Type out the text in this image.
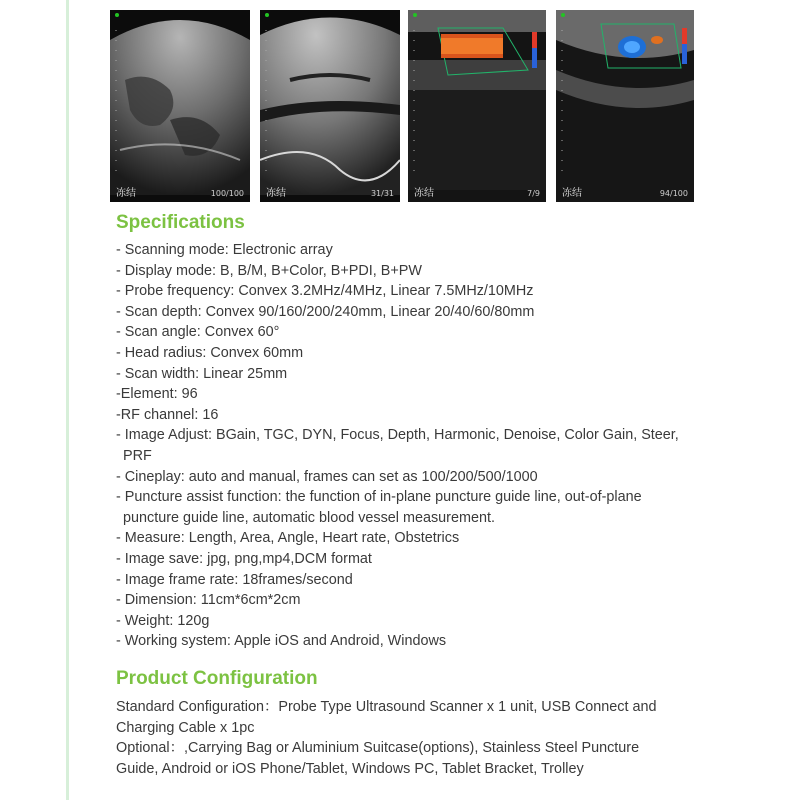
冻结	100/100 冻结	31/31 冻结	7/9 冻结	94/100
Specifications
- Scanning mode: Electronic array
- Display mode: B, B/M, B+Color, B+PDI, B+PW
- Probe frequency: Convex 3.2MHz/4MHz, Linear 7.5MHz/10MHz
- Scan depth: Convex 90/160/200/240mm, Linear 20/40/60/80mm
- Scan angle: Convex 60°
- Head radius: Convex 60mm
- Scan width: Linear 25mm
-Element: 96
-RF channel: 16
- Image Adjust: BGain, TGC, DYN, Focus, Depth, Harmonic, Denoise, Color Gain, Steer, PRF
- Cineplay: auto and manual, frames can set as 100/200/500/1000
- Puncture assist function: the function of in-plane puncture guide line, out-of-plane puncture guide line, automatic blood vessel measurement.
- Measure: Length, Area, Angle, Heart rate, Obstetrics
- Image save: jpg, png,mp4,DCM format
- Image frame rate: 18frames/second
- Dimension: 11cm*6cm*2cm
- Weight: 120g
- Working system: Apple iOS and Android, Windows
Product Configuration

Standard Configuration：Probe Type Ultrasound Scanner x 1 unit, USB Connect and Charging Cable x 1pc

Optional：,Carrying Bag or Aluminium Suitcase(options), Stainless Steel Puncture Guide, Android or iOS Phone/Tablet, Windows PC, Tablet Bracket, Trolley
